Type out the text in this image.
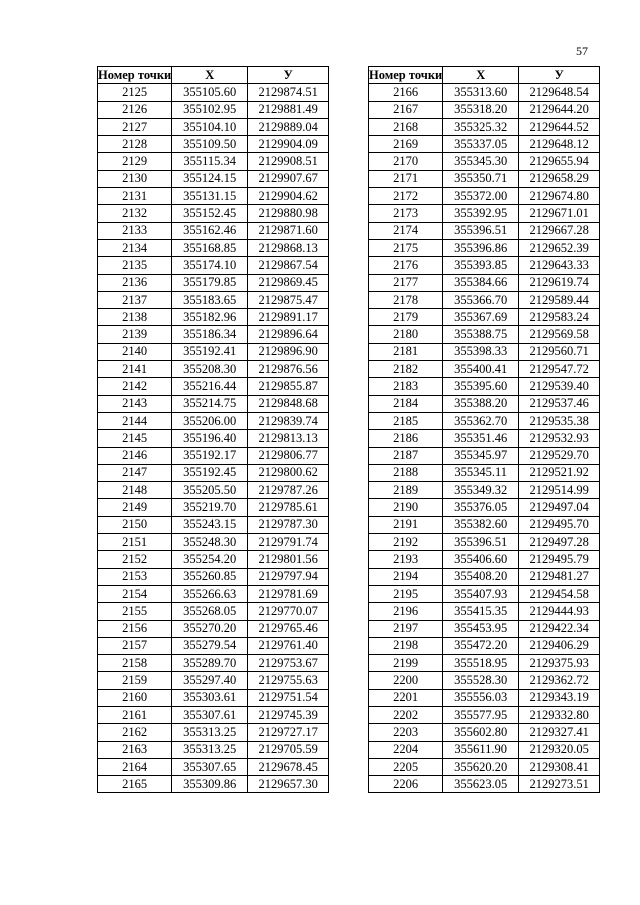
57
Номер точки	X	У
2125	355105.60	2129874.51
2126	355102.95	2129881.49
2127	355104.10	2129889.04
2128	355109.50	2129904.09
2129	355115.34	2129908.51
2130	355124.15	2129907.67
2131	355131.15	2129904.62
2132	355152.45	2129880.98
2133	355162.46	2129871.60
2134	355168.85	2129868.13
2135	355174.10	2129867.54
2136	355179.85	2129869.45
2137	355183.65	2129875.47
2138	355182.96	2129891.17
2139	355186.34	2129896.64
2140	355192.41	2129896.90
2141	355208.30	2129876.56
2142	355216.44	2129855.87
2143	355214.75	2129848.68
2144	355206.00	2129839.74
2145	355196.40	2129813.13
2146	355192.17	2129806.77
2147	355192.45	2129800.62
2148	355205.50	2129787.26
2149	355219.70	2129785.61
2150	355243.15	2129787.30
2151	355248.30	2129791.74
2152	355254.20	2129801.56
2153	355260.85	2129797.94
2154	355266.63	2129781.69
2155	355268.05	2129770.07
2156	355270.20	2129765.46
2157	355279.54	2129761.40
2158	355289.70	2129753.67
2159	355297.40	2129755.63
2160	355303.61	2129751.54
2161	355307.61	2129745.39
2162	355313.25	2129727.17
2163	355313.25	2129705.59
2164	355307.65	2129678.45
2165	355309.86	2129657.30
Номер точки	X	У
2166	355313.60	2129648.54
2167	355318.20	2129644.20
2168	355325.32	2129644.52
2169	355337.05	2129648.12
2170	355345.30	2129655.94
2171	355350.71	2129658.29
2172	355372.00	2129674.80
2173	355392.95	2129671.01
2174	355396.51	2129667.28
2175	355396.86	2129652.39
2176	355393.85	2129643.33
2177	355384.66	2129619.74
2178	355366.70	2129589.44
2179	355367.69	2129583.24
2180	355388.75	2129569.58
2181	355398.33	2129560.71
2182	355400.41	2129547.72
2183	355395.60	2129539.40
2184	355388.20	2129537.46
2185	355362.70	2129535.38
2186	355351.46	2129532.93
2187	355345.97	2129529.70
2188	355345.11	2129521.92
2189	355349.32	2129514.99
2190	355376.05	2129497.04
2191	355382.60	2129495.70
2192	355396.51	2129497.28
2193	355406.60	2129495.79
2194	355408.20	2129481.27
2195	355407.93	2129454.58
2196	355415.35	2129444.93
2197	355453.95	2129422.34
2198	355472.20	2129406.29
2199	355518.95	2129375.93
2200	355528.30	2129362.72
2201	355556.03	2129343.19
2202	355577.95	2129332.80
2203	355602.80	2129327.41
2204	355611.90	2129320.05
2205	355620.20	2129308.41
2206	355623.05	2129273.51
